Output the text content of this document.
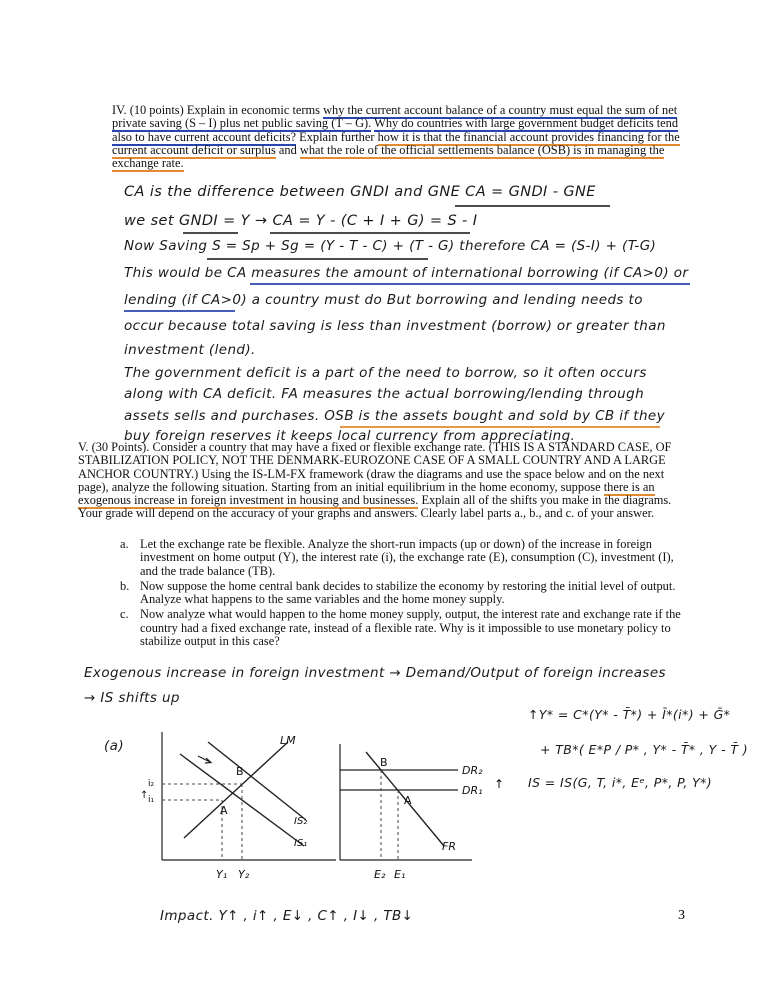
IV. (10 points) Explain in economic terms why the current account balance of a country must equal the sum of net private saving (S – I) plus net public saving (T – G). Why do countries with large government budget deficits tend also to have current account deficits? Explain further how it is that the financial account provides financing for the current account deficit or surplus and what the role of the official settlements balance (OSB) is in managing the exchange rate.
CA is the difference between GNDI and GNE CA = GNDI - GNE
we set GNDI = Y → CA = Y - (C + I + G) = S - I
Now Saving S = Sp + Sg = (Y - T - C) + (T - G) therefore CA = (S-I) + (T-G)
This would be CA measures the amount of international borrowing (if CA>0) or
lending (if CA>0) a country must do But borrowing and lending needs to
occur because total saving is less than investment (borrow) or greater than
investment (lend).
The government deficit is a part of the need to borrow, so it often occurs
along with CA deficit. FA measures the actual borrowing/lending through
assets sells and purchases. OSB is the assets bought and sold by CB if they
buy foreign reserves it keeps local currency from appreciating.
V. (30 Points). Consider a country that may have a fixed or flexible exchange rate. (THIS IS A STANDARD CASE, OF STABILIZATION POLICY, NOT THE DENMARK-EUROZONE CASE OF A SMALL COUNTRY AND A LARGE ANCHOR COUNTRY.) Using the IS-LM-FX framework (draw the diagrams and use the space below and on the next page), analyze the following situation. Starting from an initial equilibrium in the home economy, suppose there is an exogenous increase in foreign investment in housing and businesses. Explain all of the shifts you make in the diagrams. Your grade will depend on the accuracy of your graphs and answers. Clearly label parts a., b., and c. of your answer.
a. Let the exchange rate be flexible. Analyze the short-run impacts (up or down) of the increase in foreign investment on home output (Y), the interest rate (i), the exchange rate (E), consumption (C), investment (I), and the trade balance (TB).
b. Now suppose the home central bank decides to stabilize the economy by restoring the initial level of output. Analyze what happens to the same variables and the home money supply.
c. Now analyze what would happen to the home money supply, output, the interest rate and exchange rate if the country had a fixed exchange rate, instead of a flexible rate. Why is it impossible to use monetary policy to stabilize output in this case?
Exogenous increase in foreign investment → Demand/Output of foreign increases
→ IS shifts up
↑Y* = C*(Y* - T̄*) + Ī*(i*) + Ḡ*
+ TB*( E*P / P* , Y* - T̄* , Y - T̄ )
IS = IS(G, T, i*, Eᵉ, P*, P, Y*)
(a)
B
A
LM
IS₂
IS₁
i₂
i₁
↑
Y₁ Y₂
B
A
DR₂
DR₁ ↑
FR
E₂ E₁
Impact. Y↑ , i↑ , E↓ , C↑ , I↓ , TB↓	3
